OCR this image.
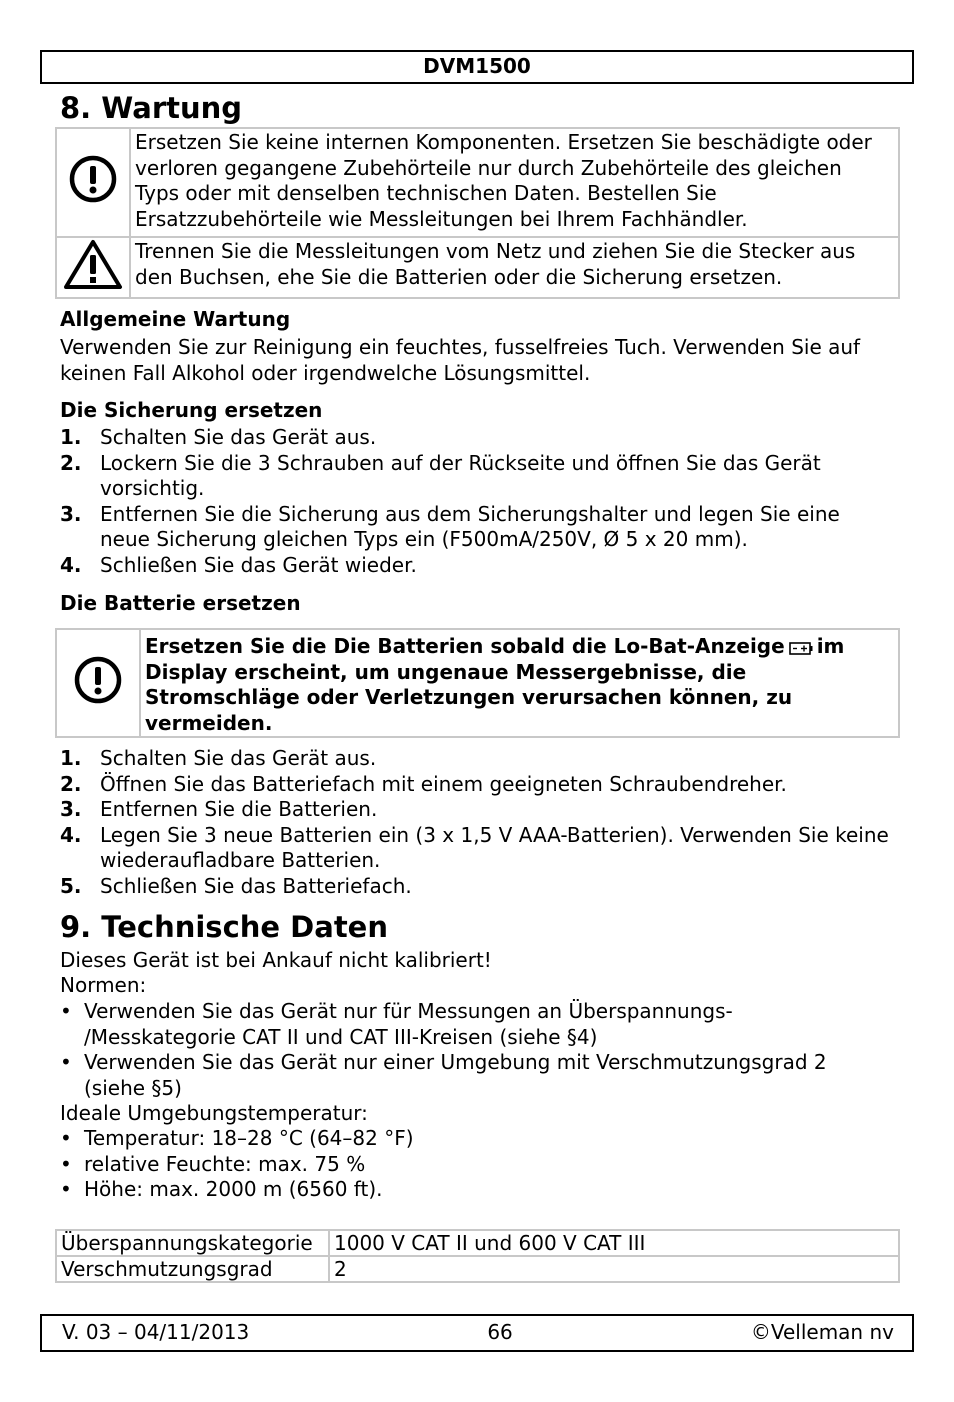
DVM1500
8. Wartung
	Ersetzen Sie keine internen Komponenten. Ersetzen Sie beschädigte oder verloren gegangene Zubehörteile nur durch Zubehörteile des gleichen Typs oder mit denselben technischen Daten. Bestellen Sie Ersatzzubehörteile wie Messleitungen bei Ihrem Fachhändler.
	Trennen Sie die Messleitungen vom Netz und ziehen Sie die Stecker aus den Buchsen, ehe Sie die Batterien oder die Sicherung ersetzen.

Allgemeine Wartung

Verwenden Sie zur Reinigung ein feuchtes, fusselfreies Tuch. Verwenden Sie auf keinen Fall Alkohol oder irgendwelche Lösungsmittel.

Die Sicherung ersetzen

1. Schalten Sie das Gerät aus.
2. Lockern Sie die 3 Schrauben auf der Rückseite und öffnen Sie das Gerät vorsichtig.
3. Entfernen Sie die Sicherung aus dem Sicherungshalter und legen Sie eine neue Sicherung gleichen Typs ein (F500mA/250V, Ø 5 x 20 mm).
4. Schließen Sie das Gerät wieder.

Die Batterie ersetzen

	Ersetzen Sie die Die Batterien sobald die Lo-Bat-Anzeige im Display erscheint, um ungenaue Messergebnisse, die Stromschläge oder Verletzungen verursachen können, zu vermeiden.
1. Schalten Sie das Gerät aus.
2. Öffnen Sie das Batteriefach mit einem geeigneten Schraubendreher.
3. Entfernen Sie die Batterien.
4. Legen Sie 3 neue Batterien ein (3 x 1,5 V AAA-Batterien). Verwenden Sie keine wiederaufladbare Batterien.
5. Schließen Sie das Batteriefach.
9. Technische Daten

Dieses Gerät ist bei Ankauf nicht kalibriert!

Normen:

• Verwenden Sie das Gerät nur für Messungen an Überspannungs- /Messkategorie CAT II und CAT III-Kreisen (siehe §4)
• Verwenden Sie das Gerät nur einer Umgebung mit Verschmutzungsgrad 2 (siehe §5)

Ideale Umgebungstemperatur:

• Temperatur: 18–28 °C (64–82 °F)
• relative Feuchte: max. 75 %
• Höhe: max. 2000 m (6560 ft).
Überspannungskategorie	1000 V CAT II und 600 V CAT III
Verschmutzungsgrad	2
V. 03 – 04/11/2013	66	©Velleman nv
